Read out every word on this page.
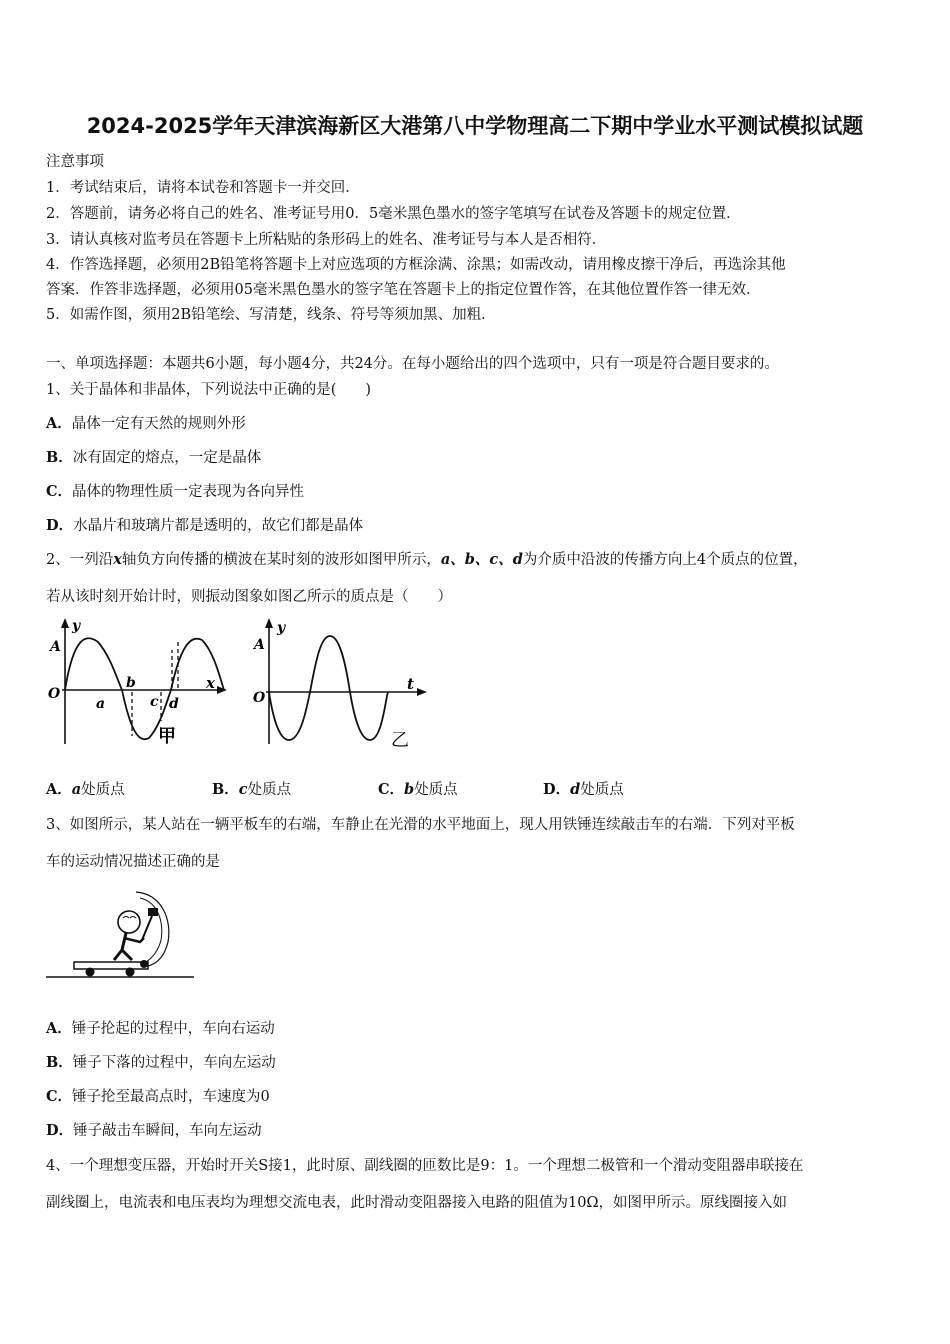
2024-2025学年天津滨海新区大港第八中学物理高二下期中学业水平测试模拟试题
注意事项
1．考试结束后，请将本试卷和答题卡一并交回．
2．答题前，请务必将自己的姓名、准考证号用0．5毫米黑色墨水的签字笔填写在试卷及答题卡的规定位置．
3．请认真核对监考员在答题卡上所粘贴的条形码上的姓名、准考证号与本人是否相符．
4．作答选择题，必须用2B铅笔将答题卡上对应选项的方框涂满、涂黑；如需改动，请用橡皮擦干净后，再选涂其他
答案．作答非选择题，必须用05毫米黑色墨水的签字笔在答题卡上的指定位置作答，在其他位置作答一律无效．
5．如需作图，须用2B铅笔绘、写清楚，线条、符号等须加黑、加粗．
一、单项选择题：本题共6小题，每小题4分，共24分。在每小题给出的四个选项中，只有一项是符合题目要求的。
1、关于晶体和非晶体，下列说法中正确的是(　　)
A．晶体一定有天然的规则外形
B．冰有固定的熔点，一定是晶体
C．晶体的物理性质一定表现为各向异性
D．水晶片和玻璃片都是透明的，故它们都是晶体
2、一列沿x轴负方向传播的横波在某时刻的波形如图甲所示，a、b、c、d为介质中沿波的传播方向上4个质点的位置，
若从该时刻开始计时，则振动图象如图乙所示的质点是（　　）
y
A
O
x
a
b
c d
甲
y
A
O
t
乙
A．a处质点	B．c处质点	C．b处质点	D．d处质点
3、如图所示，某人站在一辆平板车的右端，车静止在光滑的水平地面上，现人用铁锤连续敲击车的右端．下列对平板
车的运动情况描述正确的是
A．锤子抡起的过程中，车向右运动
B．锤子下落的过程中，车向左运动
C．锤子抡至最高点时，车速度为0
D．锤子敲击车瞬间，车向左运动
4、一个理想变压器，开始时开关S接1，此时原、副线圈的匝数比是9：1。一个理想二极管和一个滑动变阻器串联接在
副线圈上，电流表和电压表均为理想交流电表，此时滑动变阻器接入电路的阻值为10Ω，如图甲所示。原线圈接入如
